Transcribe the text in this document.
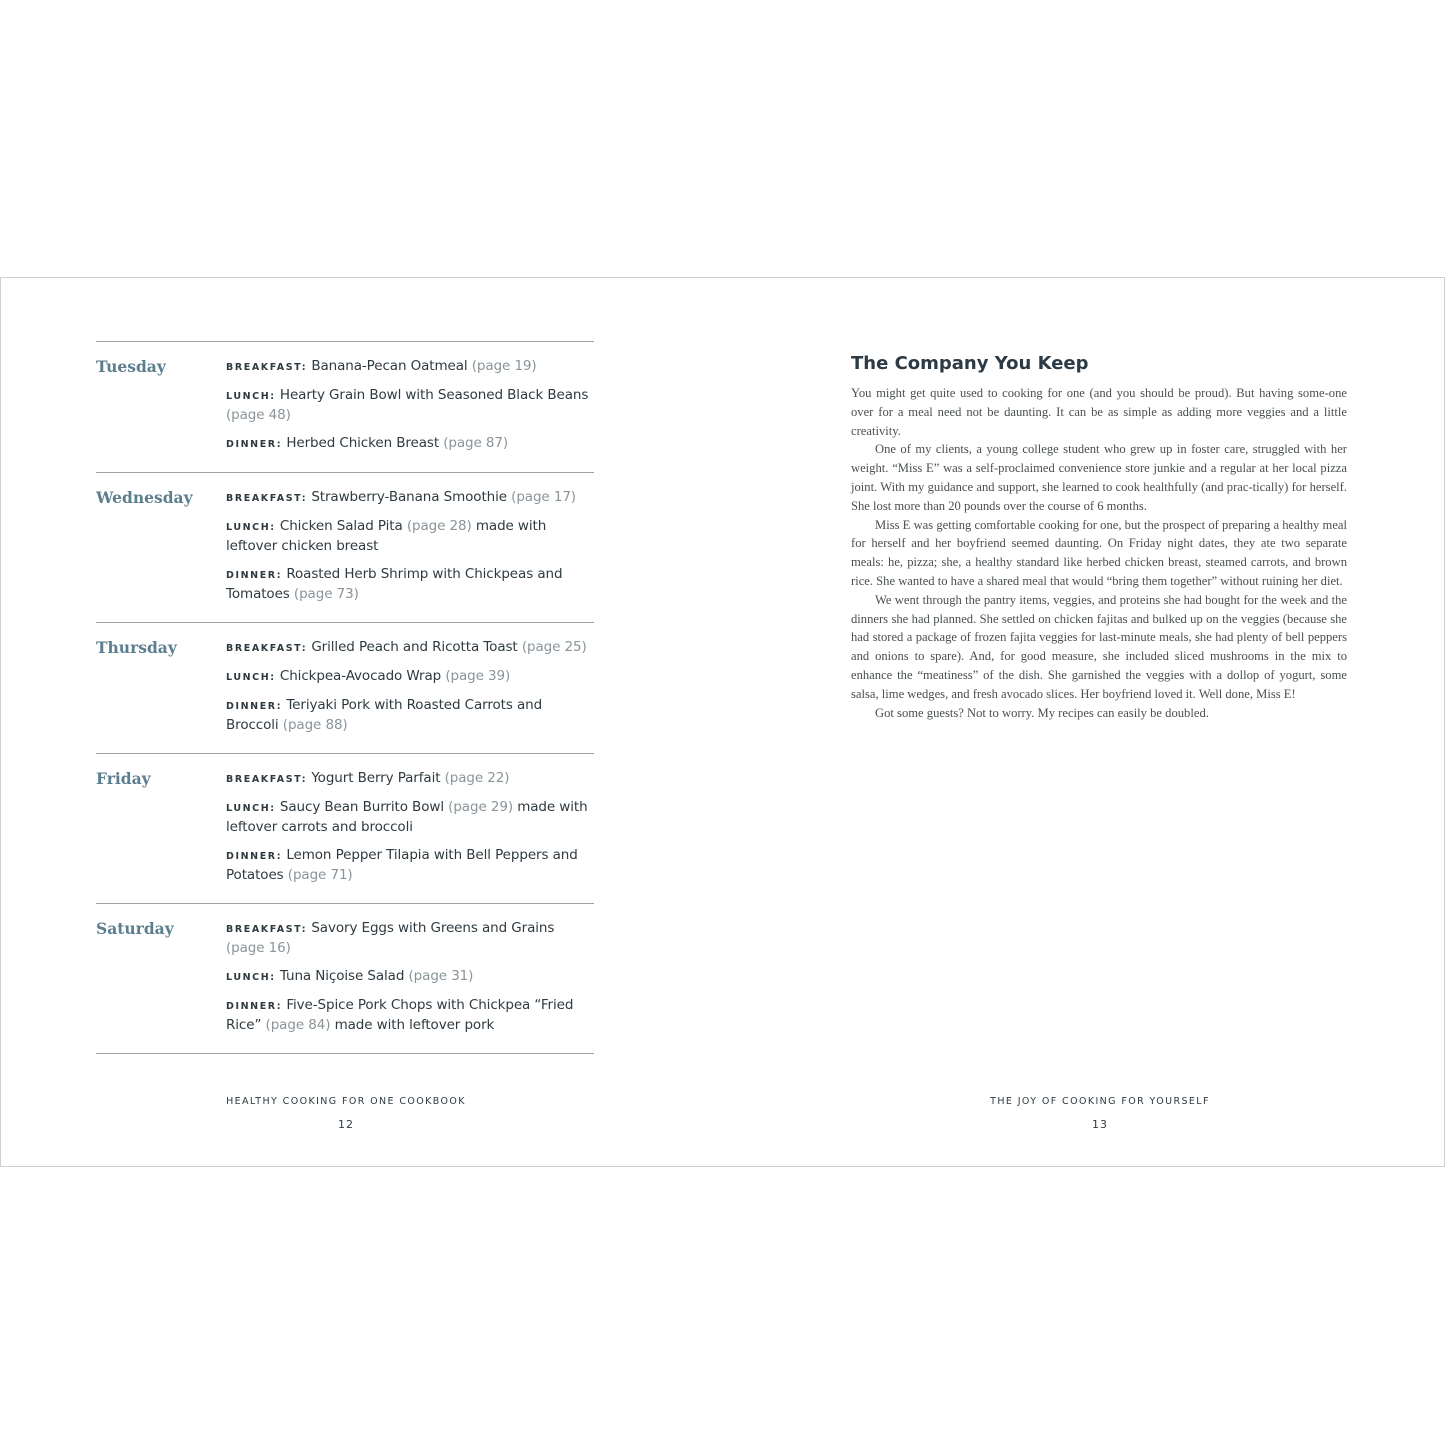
Tuesday	BREAKFAST: Banana-Pecan Oatmeal (page 19)
LUNCH: Hearty Grain Bowl with Seasoned Black Beans (page 48)
DINNER: Herbed Chicken Breast (page 87)
Wednesday	BREAKFAST: Strawberry-Banana Smoothie (page 17)
LUNCH: Chicken Salad Pita (page 28) made with leftover chicken breast
DINNER: Roasted Herb Shrimp with Chickpeas and Tomatoes (page 73)
Thursday	BREAKFAST: Grilled Peach and Ricotta Toast (page 25)
LUNCH: Chickpea-Avocado Wrap (page 39)
DINNER: Teriyaki Pork with Roasted Carrots and Broccoli (page 88)
Friday	BREAKFAST: Yogurt Berry Parfait (page 22)
LUNCH: Saucy Bean Burrito Bowl (page 29) made with leftover carrots and broccoli
DINNER: Lemon Pepper Tilapia with Bell Peppers and Potatoes (page 71)
Saturday	BREAKFAST: Savory Eggs with Greens and Grains (page 16)
LUNCH: Tuna Niçoise Salad (page 31)
DINNER: Five-Spice Pork Chops with Chickpea “Fried Rice” (page 84) made with leftover pork
HEALTHY COOKING FOR ONE COOKBOOK
12
The Company You Keep

You might get quite used to cooking for one (and you should be proud). But having some-one over for a meal need not be daunting. It can be as simple as adding more veggies and a little creativity.

One of my clients, a young college student who grew up in foster care, struggled with her weight. “Miss E” was a self-proclaimed convenience store junkie and a regular at her local pizza joint. With my guidance and support, she learned to cook healthfully (and prac-tically) for herself. She lost more than 20 pounds over the course of 6 months.

Miss E was getting comfortable cooking for one, but the prospect of preparing a healthy meal for herself and her boyfriend seemed daunting. On Friday night dates, they ate two separate meals: he, pizza; she, a healthy standard like herbed chicken breast, steamed carrots, and brown rice. She wanted to have a shared meal that would “bring them together” without ruining her diet.

We went through the pantry items, veggies, and proteins she had bought for the week and the dinners she had planned. She settled on chicken fajitas and bulked up on the veggies (because she had stored a package of frozen fajita veggies for last-minute meals, she had plenty of bell peppers and onions to spare). And, for good measure, she included sliced mushrooms in the mix to enhance the “meatiness” of the dish. She garnished the veggies with a dollop of yogurt, some salsa, lime wedges, and fresh avocado slices. Her boyfriend loved it. Well done, Miss E!

Got some guests? Not to worry. My recipes can easily be doubled.

THE JOY OF COOKING FOR YOURSELF
13
